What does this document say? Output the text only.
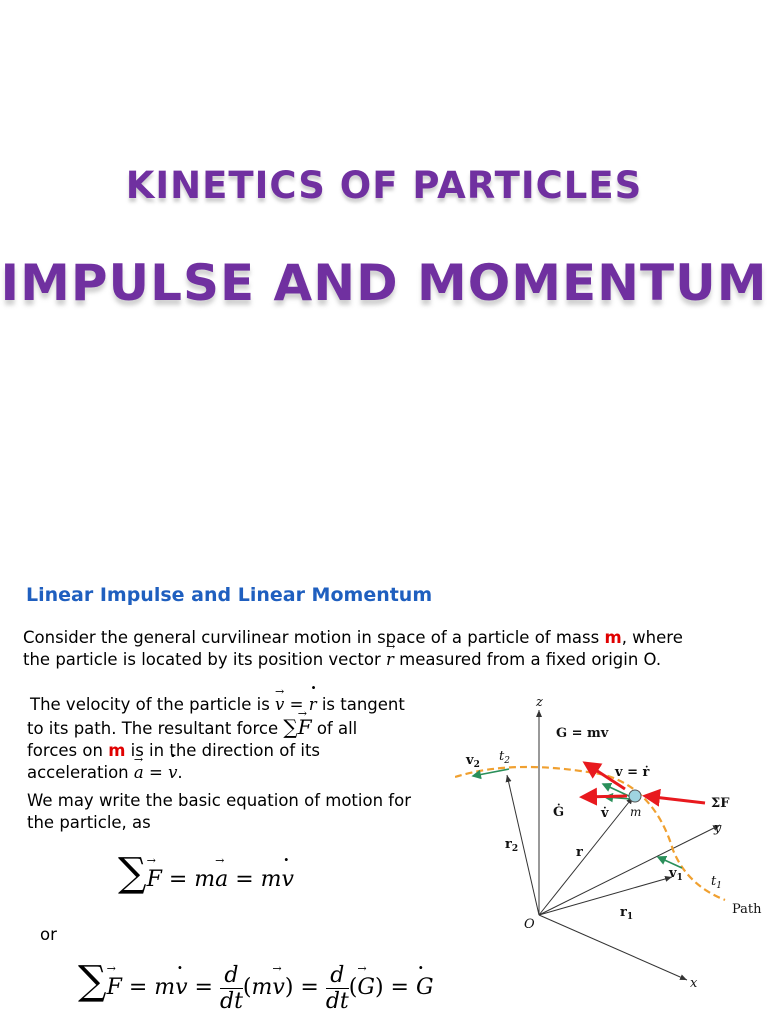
KINETICS OF PARTICLES
IMPULSE AND MOMENTUM
Linear Impulse and Linear Momentum
Consider the general curvilinear motion in space of a particle of mass m, where
the particle is located by its position vector → r measured from a fixed origin O.
The velocity of the particle is → v = · r is tangent
to its path. The resultant force ∑→ F of all
forces on m is in the direction of its
acceleration → a = · v.
We may write the basic equation of motion for
the particle, as
∑→ F = m→ a = m· v
or
∑→ $F = m\cdot v = \frac{d}{dt} (m\to v) = \frac{d}{dt}$ (→ G) = · G
z
y
x
O
Path
$v_2$
$t_2$
$v_1$ $t_1$
$r_2$	r
$r_1$
m
G = mv
v = ṙ
Ġ	v̇
ΣF
